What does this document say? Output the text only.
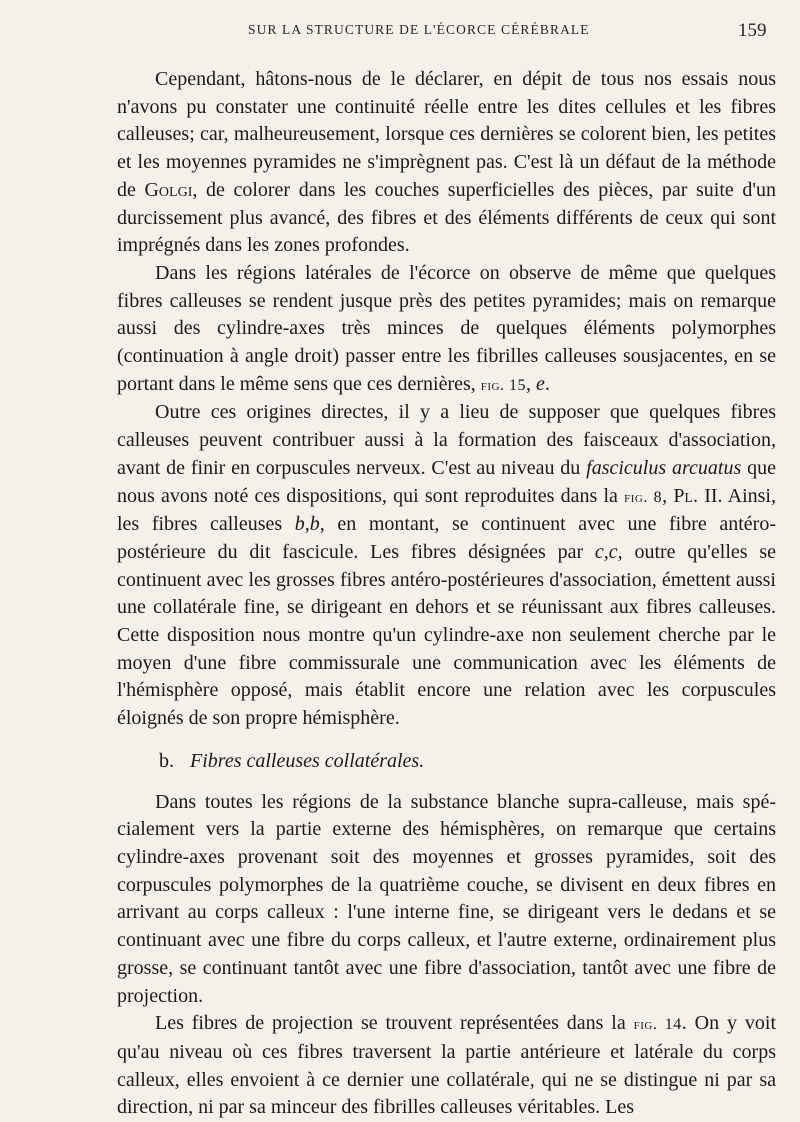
SUR LA STRUCTURE DE L'ÉCORCE CÉRÉBRALE	159

Cependant, hâtons-nous de le déclarer, en dépit de tous nos essais nous n'avons pu constater une continuité réelle entre les dites cellules et les fibres calleuses; car, malheureusement, lorsque ces dernières se colorent bien, les petites et les moyennes pyramides ne s'imprègnent pas. C'est là un défaut de la méthode de Golgi, de colorer dans les couches superficielles des pièces, par suite d'un durcissement plus avancé, des fibres et des éléments différents de ceux qui sont imprégnés dans les zones profondes.

Dans les régions latérales de l'écorce on observe de même que quelques fibres calleuses se rendent jusque près des petites pyramides; mais on remarque aussi des cylindre-axes très minces de quelques éléments polymorphes (continuation à angle droit) passer entre les fibrilles calleuses sousjacentes, en se portant dans le même sens que ces dernières, fig. 15, e.

Outre ces origines directes, il y a lieu de supposer que quelques fibres calleuses peuvent contribuer aussi à la formation des faisceaux d'association, avant de finir en corpuscules nerveux. C'est au niveau du fasciculus arcuatus que nous avons noté ces dispositions, qui sont reproduites dans la fig. 8, Pl. II. Ainsi, les fibres calleuses b,b, en montant, se continuent avec une fibre antéro-postérieure du dit fascicule. Les fibres désignées par c,c, outre qu'elles se continuent avec les grosses fibres antéro-postérieures d'association, émettent aussi une collatérale fine, se dirigeant en dehors et se réunissant aux fibres calleuses. Cette disposition nous montre qu'un cylindre-axe non seulement cherche par le moyen d'une fibre commissurale une communication avec les éléments de l'hémisphère opposé, mais établit encore une relation avec les corpuscules éloignés de son propre hémisphère.

b. Fibres calleuses collatérales.

Dans toutes les régions de la substance blanche supra-calleuse, mais spécialement vers la partie externe des hémisphères, on remarque que certains cylindre-axes provenant soit des moyennes et grosses pyramides, soit des corpuscules polymorphes de la quatrième couche, se divisent en deux fibres en arrivant au corps calleux : l'une interne fine, se dirigeant vers le dedans et se continuant avec une fibre du corps calleux, et l'autre externe, ordinairement plus grosse, se continuant tantôt avec une fibre d'association, tantôt avec une fibre de projection.

Les fibres de projection se trouvent représentées dans la fig. 14. On y voit qu'au niveau où ces fibres traversent la partie antérieure et latérale du corps calleux, elles envoient à ce dernier une collatérale, qui ne se distingue ni par sa direction, ni par sa minceur des fibrilles calleuses véritables. Les
